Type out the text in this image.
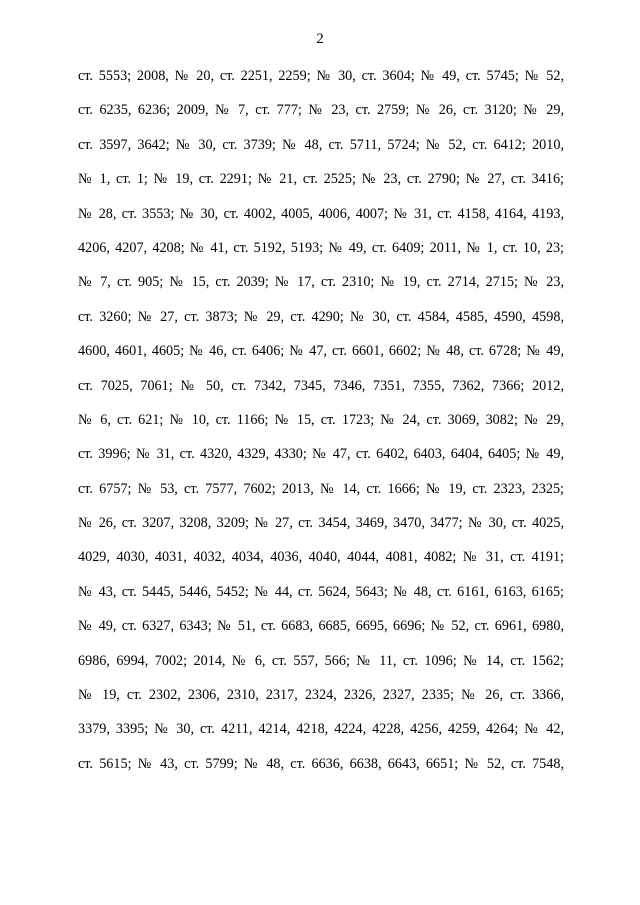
2
ст. 5553; 2008, № 20, ст. 2251, 2259; № 30, ст. 3604; № 49, ст. 5745; № 52,
ст. 6235, 6236; 2009, № 7, ст. 777; № 23, ст. 2759; № 26, ст. 3120; № 29,
ст. 3597, 3642; № 30, ст. 3739; № 48, ст. 5711, 5724; № 52, ст. 6412; 2010,
№ 1, ст. 1; № 19, ст. 2291; № 21, ст. 2525; № 23, ст. 2790; № 27, ст. 3416;
№ 28, ст. 3553; № 30, ст. 4002, 4005, 4006, 4007; № 31, ст. 4158, 4164, 4193,
4206, 4207, 4208; № 41, ст. 5192, 5193; № 49, ст. 6409; 2011, № 1, ст. 10, 23;
№ 7, ст. 905; № 15, ст. 2039; № 17, ст. 2310; № 19, ст. 2714, 2715; № 23,
ст. 3260; № 27, ст. 3873; № 29, ст. 4290; № 30, ст. 4584, 4585, 4590, 4598,
4600, 4601, 4605; № 46, ст. 6406; № 47, ст. 6601, 6602; № 48, ст. 6728; № 49,
ст. 7025, 7061; № 50, ст. 7342, 7345, 7346, 7351, 7355, 7362, 7366; 2012,
№ 6, ст. 621; № 10, ст. 1166; № 15, ст. 1723; № 24, ст. 3069, 3082; № 29,
ст. 3996; № 31, ст. 4320, 4329, 4330; № 47, ст. 6402, 6403, 6404, 6405; № 49,
ст. 6757; № 53, ст. 7577, 7602; 2013, № 14, ст. 1666; № 19, ст. 2323, 2325;
№ 26, ст. 3207, 3208, 3209; № 27, ст. 3454, 3469, 3470, 3477; № 30, ст. 4025,
4029, 4030, 4031, 4032, 4034, 4036, 4040, 4044, 4081, 4082; № 31, ст. 4191;
№ 43, ст. 5445, 5446, 5452; № 44, ст. 5624, 5643; № 48, ст. 6161, 6163, 6165;
№ 49, ст. 6327, 6343; № 51, ст. 6683, 6685, 6695, 6696; № 52, ст. 6961, 6980,
6986, 6994, 7002; 2014, № 6, ст. 557, 566; № 11, ст. 1096; № 14, ст. 1562;
№ 19, ст. 2302, 2306, 2310, 2317, 2324, 2326, 2327, 2335; № 26, ст. 3366,
3379, 3395; № 30, ст. 4211, 4214, 4218, 4224, 4228, 4256, 4259, 4264; № 42,
ст. 5615; № 43, ст. 5799; № 48, ст. 6636, 6638, 6643, 6651; № 52, ст. 7548,
